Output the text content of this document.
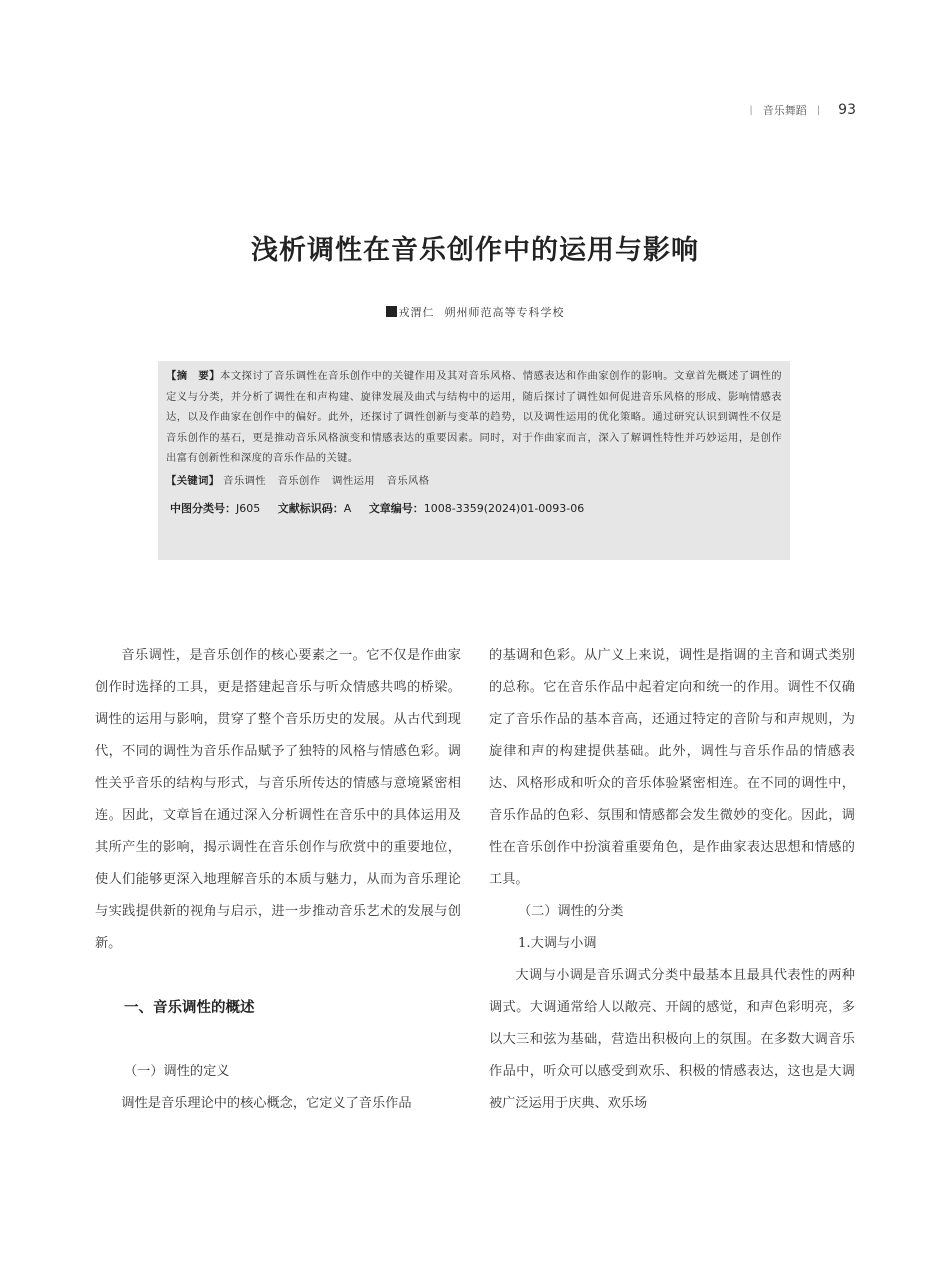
| 音乐舞蹈 | 93
浅析调性在音乐创作中的运用与影响
戎渭仁 朔州师范高等专科学校
【摘　要】本文探讨了音乐调性在音乐创作中的关键作用及其对音乐风格、情感表达和作曲家创作的影响。文章首先概述了调性的定义与分类，并分析了调性在和声构建、旋律发展及曲式与结构中的运用，随后探讨了调性如何促进音乐风格的形成、影响情感表达，以及作曲家在创作中的偏好。此外，还探讨了调性创新与变革的趋势，以及调性运用的优化策略。通过研究认识到调性不仅是音乐创作的基石，更是推动音乐风格演变和情感表达的重要因素。同时，对于作曲家而言，深入了解调性特性并巧妙运用，是创作出富有创新性和深度的音乐作品的关键。
【关键词】 音乐调性 音乐创作 调性运用 音乐风格
中图分类号：J605 文献标识码：A 文章编号：1008-3359(2024)01-0093-06

音乐调性，是音乐创作的核心要素之一。它不仅是作曲家创作时选择的工具，更是搭建起音乐与听众情感共鸣的桥梁。调性的运用与影响，贯穿了整个音乐历史的发展。从古代到现代，不同的调性为音乐作品赋予了独特的风格与情感色彩。调性关乎音乐的结构与形式，与音乐所传达的情感与意境紧密相连。因此，文章旨在通过深入分析调性在音乐中的具体运用及其所产生的影响，揭示调性在音乐创作与欣赏中的重要地位，使人们能够更深入地理解音乐的本质与魅力，从而为音乐理论与实践提供新的视角与启示，进一步推动音乐艺术的发展与创新。

一、音乐调性的概述

（一）调性的定义

调性是音乐理论中的核心概念，它定义了音乐作品

的基调和色彩。从广义上来说，调性是指调的主音和调式类别的总称。它在音乐作品中起着定向和统一的作用。调性不仅确定了音乐作品的基本音高，还通过特定的音阶与和声规则，为旋律和声的构建提供基础。此外，调性与音乐作品的情感表达、风格形成和听众的音乐体验紧密相连。在不同的调性中，音乐作品的色彩、氛围和情感都会发生微妙的变化。因此，调性在音乐创作中扮演着重要角色，是作曲家表达思想和情感的工具。

（二）调性的分类

1.大调与小调

大调与小调是音乐调式分类中最基本且最具代表性的两种调式。大调通常给人以敞亮、开阔的感觉，和声色彩明亮，多以大三和弦为基础，营造出积极向上的氛围。在多数大调音乐作品中，听众可以感受到欢乐、积极的情感表达，这也是大调被广泛运用于庆典、欢乐场
